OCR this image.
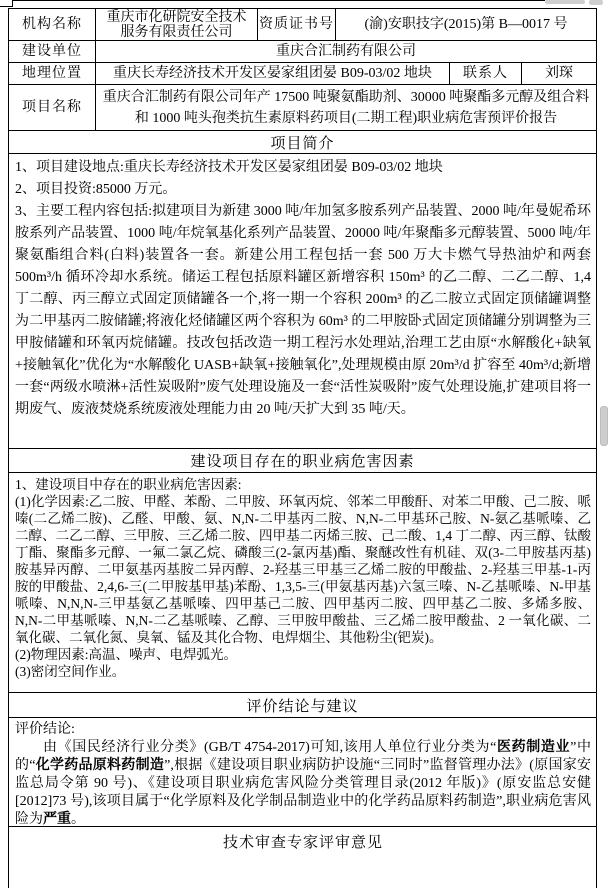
机构名称 重庆市化研院安全技术
服务有限责任公司
资质证书号 (渝)安职技字(2015)第 B—0017 号
建设单位	重庆合汇制药有限公司
地理位置 重庆长寿经济技术开发区晏家组团晏 B09-03/02 地块 联系人	刘琛
项目名称
重庆合汇制药有限公司年产 17500 吨聚氨酯助剂、30000 吨聚酯多元醇及组合料和 1000 吨头孢类抗生素原料药项目(二期工程)职业病危害预评价报告
项目简介
1、项目建设地点:重庆长寿经济技术开发区晏家组团晏 B09-03/02 地块
2、项目投资:85000 万元。
3、主要工程内容包括:拟建项目为新建 3000 吨/年加氢多胺系列产品装置、2000 吨/年曼妮希环胺系列产品装置、1000 吨/年烷氧基化系列产品装置、20000 吨/年聚酯多元醇装置、5000 吨/年聚氨酯组合料(白料)装置各一套。新建公用工程包括一套 500 万大卡燃气导热油炉和两套 500m³/h 循环冷却水系统。储运工程包括原料罐区新增容积 150m³ 的乙二醇、二乙二醇、1,4 丁二醇、丙三醇立式固定顶储罐各一个,将一期一个容积 200m³ 的乙二胺立式固定顶储罐调整为二甲基丙二胺储罐;将液化烃储罐区两个容积为 60m³ 的二甲胺卧式固定顶储罐分别调整为三甲胺储罐和环氧丙烷储罐。技改包括改造一期工程污水处理站,治理工艺由原“水解酸化+缺氧+接触氧化”优化为“水解酸化 UASB+缺氧+接触氧化”,处理规模由原 20m³/d 扩容至 40m³/d;新增一套“两级水喷淋+活性炭吸附”废气处理设施及一套“活性炭吸附”废气处理设施,扩建项目将一期废气、废液焚烧系统废液处理能力由 20 吨/天扩大到 35 吨/天。
建设项目存在的职业病危害因素
1、建设项目中存在的职业病危害因素:
(1)化学因素:乙二胺、甲醛、苯酚、二甲胺、环氧丙烷、邻苯二甲酸酐、对苯二甲酸、己二胺、哌嗪(二乙烯二胺)、乙醛、甲酸、氨、N,N-二甲基丙二胺、N,N-二甲基环己胺、N-氨乙基哌嗪、乙二醇、二乙二醇、三甲胺、三乙烯二胺、四甲基二丙烯三胺、己二酸、1,4 丁二醇、丙三醇、钛酸丁酯、聚酯多元醇、一氟二氯乙烷、磷酸三(2-氯丙基)酯、聚醚改性有机硅、双(3-二甲胺基丙基)胺基异丙醇、二甲氨基丙基胺二异丙醇、2-羟基三甲基三乙烯二胺的甲酸盐、2-羟基三甲基-1-丙胺的甲酸盐、2,4,6-三(二甲胺基甲基)苯酚、1,3,5-三(甲氨基丙基)六氢三嗪、N-乙基哌嗪、N-甲基哌嗪、N,N,N-三甲基氨乙基哌嗪、四甲基己二胺、四甲基丙二胺、四甲基乙二胺、多烯多胺、N,N-二甲基哌嗪、N,N-二乙基哌嗪、乙醇、三甲胺甲酸盐、三乙烯二胺甲酸盐、2 一氧化碳、二氧化碳、二氧化氮、臭氧、锰及其化合物、电焊烟尘、其他粉尘(钯炭)。
(2)物理因素:高温、噪声、电焊弧光。
(3)密闭空间作业。
评价结论与建议
评价结论:
由《国民经济行业分类》(GB/T 4754-2017)可知,该用人单位行业分类为“医药制造业”中的“化学药品原料药制造”,根据《建设项目职业病防护设施“三同时”监督管理办法》(原国家安监总局令第 90 号)、《建设项目职业病危害风险分类管理目录(2012 年版)》(原安监总安健[2012]73 号),该项目属于“化学原料及化学制品制造业中的化学药品原料药制造”,职业病危害风险为严重。
技术审查专家评审意见
